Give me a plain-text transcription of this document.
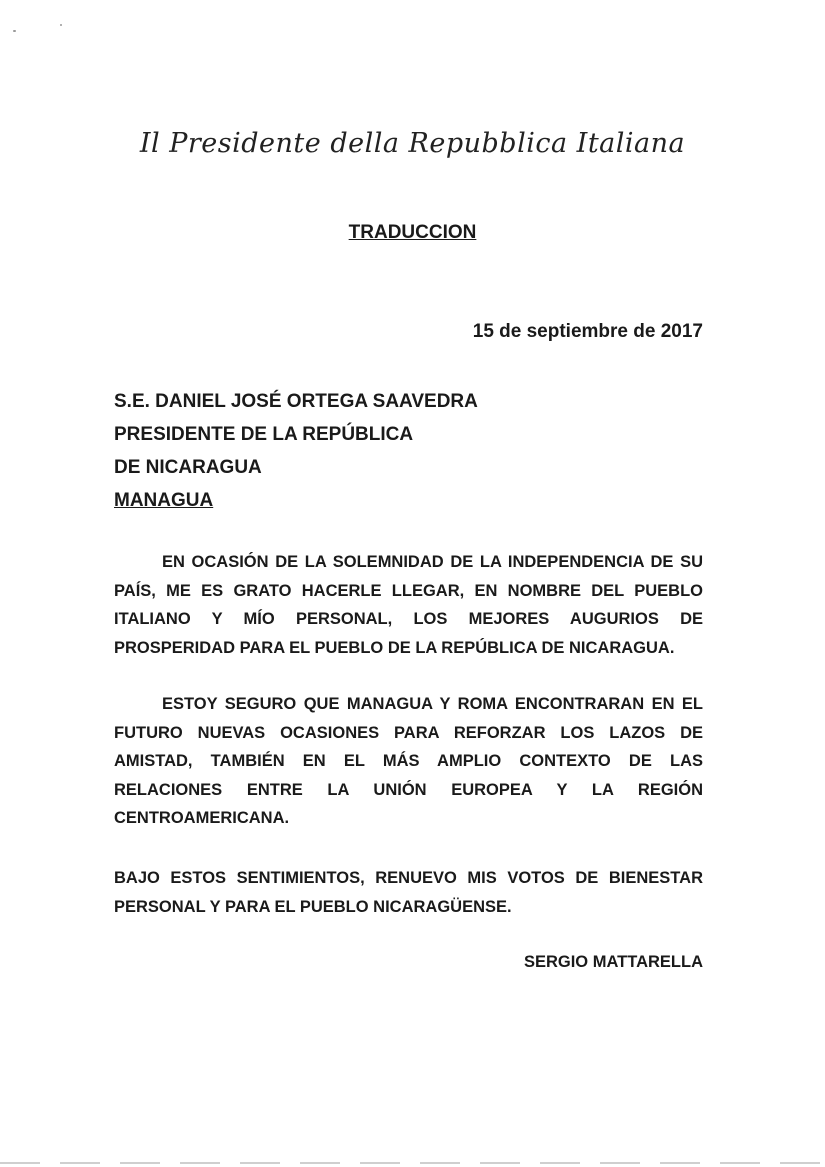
Il Presidente della Repubblica Italiana
TRADUCCION
15 de septiembre de 2017
S.E. DANIEL JOSÉ ORTEGA SAAVEDRA
PRESIDENTE DE LA REPÚBLICA
DE NICARAGUA
MANAGUA
EN OCASIÓN DE LA SOLEMNIDAD DE LA INDEPENDENCIA DE SU PAÍS, ME ES GRATO HACERLE LLEGAR, EN NOMBRE DEL PUEBLO ITALIANO Y MÍO PERSONAL, LOS MEJORES AUGURIOS DE PROSPERIDAD PARA EL PUEBLO DE LA REPÚBLICA DE NICARAGUA.
ESTOY SEGURO QUE MANAGUA Y ROMA ENCONTRARAN EN EL FUTURO NUEVAS OCASIONES PARA REFORZAR LOS LAZOS DE AMISTAD, TAMBIÉN EN EL MÁS AMPLIO CONTEXTO DE LAS RELACIONES ENTRE LA UNIÓN EUROPEA Y LA REGIÓN CENTROAMERICANA.
BAJO ESTOS SENTIMIENTOS, RENUEVO MIS VOTOS DE BIENESTAR PERSONAL Y PARA EL PUEBLO NICARAGÜENSE.
SERGIO MATTARELLA
